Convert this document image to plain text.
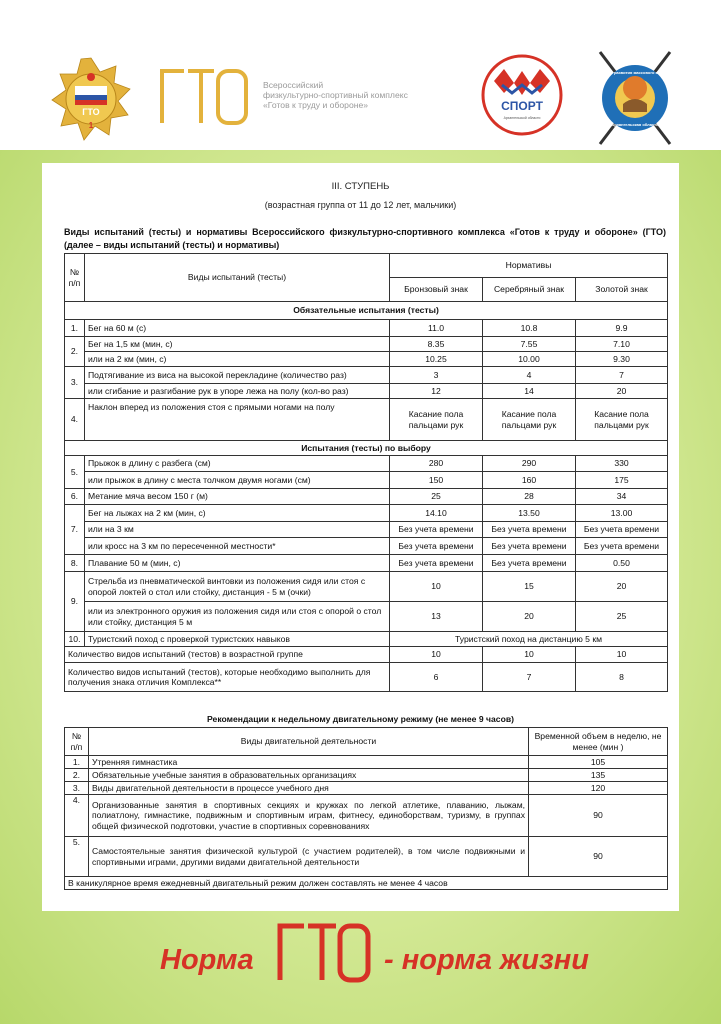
ГТО
1	ГТО
Всероссийский
физкультурно-спортивный комплекс
«Готов к труду и обороне»	СПОРТ
Архангельской области
Центр развития массового спорта
Архангельская область
III. СТУПЕНЬ
(возрастная группа от 11 до 12 лет, мальчики)
Виды испытаний (тесты) и нормативы Всероссийского физкультурно-спортивного комплекса «Готов к труду и обороне» (ГТО) (далее – виды испытаний (тесты) и нормативы)
№ п/п	Виды испытаний (тесты)	Нормативы		
		Бронзовый знак	Серебряный знак	Золотой знак
Обязательные испытания (тесты)				
1.	Бег на 60 м (с)	11.0	10.8	9.9
2.	Бег на 1,5 км (мин, с)	8.35	7.55	7.10
	или на 2 км (мин, с)	10.25	10.00	9.30
3.	Подтягивание из виса на высокой перекладине (количество раз)	3	4	7
	или сгибание и разгибание рук в упоре лежа на полу (кол-во раз)	12	14	20
4.	Наклон вперед из положения стоя с прямыми ногами на полу	Касание пола пальцами рук	Касание пола пальцами рук	Касание пола пальцами рук
Испытания (тесты) по выбору				
5.	Прыжок в длину с разбега (см)	280	290	330
	или прыжок в длину с места толчком двумя ногами (см)	150	160	175
6.	Метание мяча весом 150 г (м)	25	28	34
7.	Бег на лыжах на 2 км (мин, с)	14.10	13.50	13.00
	или на 3 км	Без учета времени	Без учета времени	Без учета времени
	или кросс на 3 км по пересеченной местности*	Без учета времени	Без учета времени	Без учета времени
8.	Плавание 50 м (мин, с)	Без учета времени	Без учета времени	0.50
9.	Стрельба из пневматической винтовки из положения сидя или стоя с опорой локтей о стол или стойку, дистанция - 5 м (очки)	10	15	20
	или из электронного оружия из положения сидя или стоя с опорой о стол или стойку, дистанция 5 м	13	20	25
10.	Туристский поход с проверкой туристских навыков	Туристский поход на дистанцию 5 км		
Количество видов испытаний (тестов) в возрастной группе		10	10	10
Количество видов испытаний (тестов), которые необходимо выполнить для получения знака отличия Комплекса**		6	7	8
Рекомендации к недельному двигательному режиму (не менее 9 часов)
№ п/п	Виды двигательной деятельности	Временной объем в неделю, не менее (мин )
1.	Утренняя гимнастика	105
2.	Обязательные учебные занятия в образовательных организациях	135
3.	Виды двигательной деятельности в процессе учебного дня	120
4.	Организованные занятия в спортивных секциях и кружках по легкой атлетике, плаванию, лыжам, полиатлону, гимнастике, подвижным и спортивным играм, фитнесу, единоборствам, туризму, в группах общей физической подготовки, участие в спортивных соревнованиях	90
5.	Самостоятельные занятия физической культурой (с участием родителей), в том числе подвижными и спортивными играми, другими видами двигательной деятельности	90
В каникулярное время ежедневный двигательный режим должен составлять не менее 4 часов		
Норма
ГТО
- норма жизни
